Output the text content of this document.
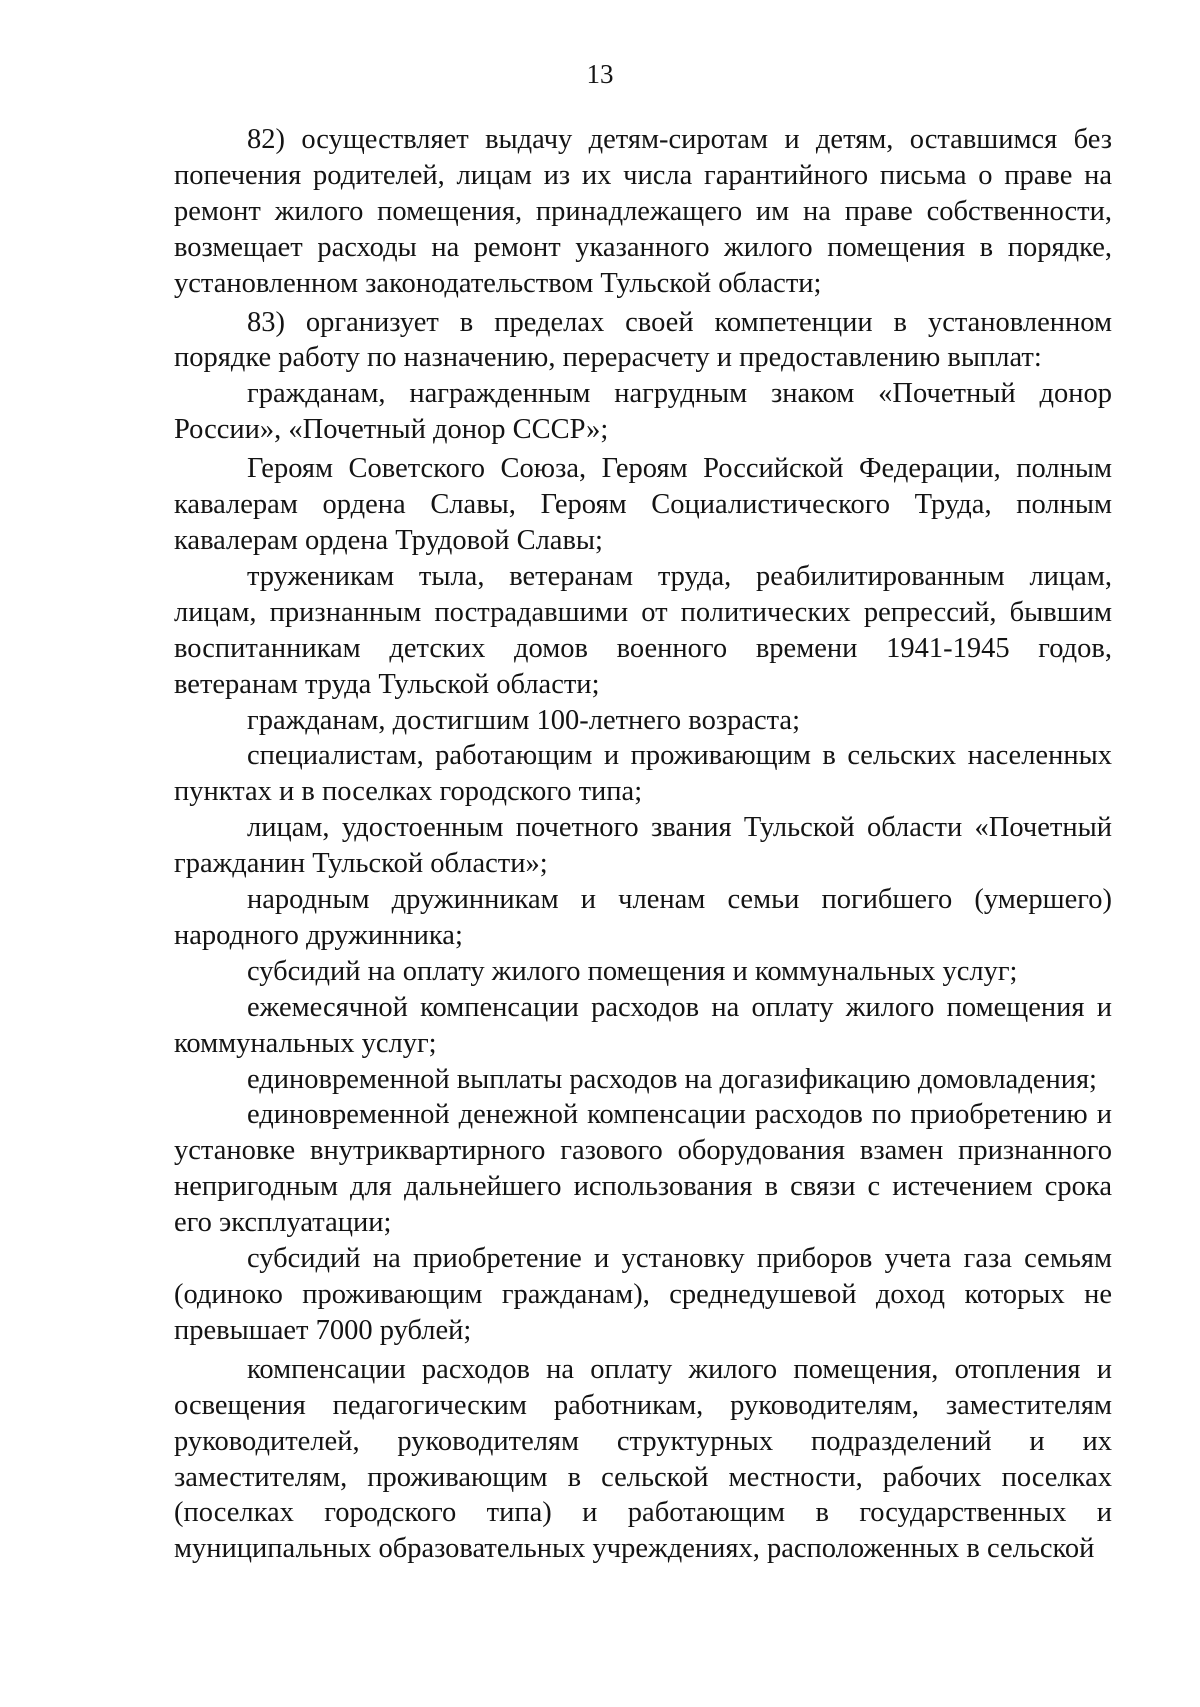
13

82) осуществляет выдачу детям-сиротам и детям, оставшимся без попечения родителей, лицам из их числа гарантийного письма о праве на ремонт жилого помещения, принадлежащего им на праве собственности, возмещает расходы на ремонт указанного жилого помещения в порядке, установленном законодательством Тульской области;

83) организует в пределах своей компетенции в установленном порядке работу по назначению, перерасчету и предоставлению выплат:

гражданам, награжденным нагрудным знаком «Почетный донор России», «Почетный донор СССР»;

Героям Советского Союза, Героям Российской Федерации, полным кавалерам ордена Славы, Героям Социалистического Труда, полным кавалерам ордена Трудовой Славы;

труженикам тыла, ветеранам труда, реабилитированным лицам, лицам, признанным пострадавшими от политических репрессий, бывшим воспитанникам детских домов военного времени 1941-1945 годов, ветеранам труда Тульской области;

гражданам, достигшим 100-летнего возраста;

специалистам, работающим и проживающим в сельских населенных пунктах и в поселках городского типа;

лицам, удостоенным почетного звания Тульской области «Почетный гражданин Тульской области»;

народным дружинникам и членам семьи погибшего (умершего) народного дружинника;

субсидий на оплату жилого помещения и коммунальных услуг;

ежемесячной компенсации расходов на оплату жилого помещения и коммунальных услуг;

единовременной выплаты расходов на догазификацию домовладения;

единовременной денежной компенсации расходов по приобретению и установке внутриквартирного газового оборудования взамен признанного непригодным для дальнейшего использования в связи с истечением срока его эксплуатации;

субсидий на приобретение и установку приборов учета газа семьям (одиноко проживающим гражданам), среднедушевой доход которых не превышает 7000 рублей;

компенсации расходов на оплату жилого помещения, отопления и освещения педагогическим работникам, руководителям, заместителям руководителей, руководителям структурных подразделений и их заместителям, проживающим в сельской местности, рабочих поселках (поселках городского типа) и работающим в государственных и муниципальных образовательных учреждениях, расположенных в сельской
